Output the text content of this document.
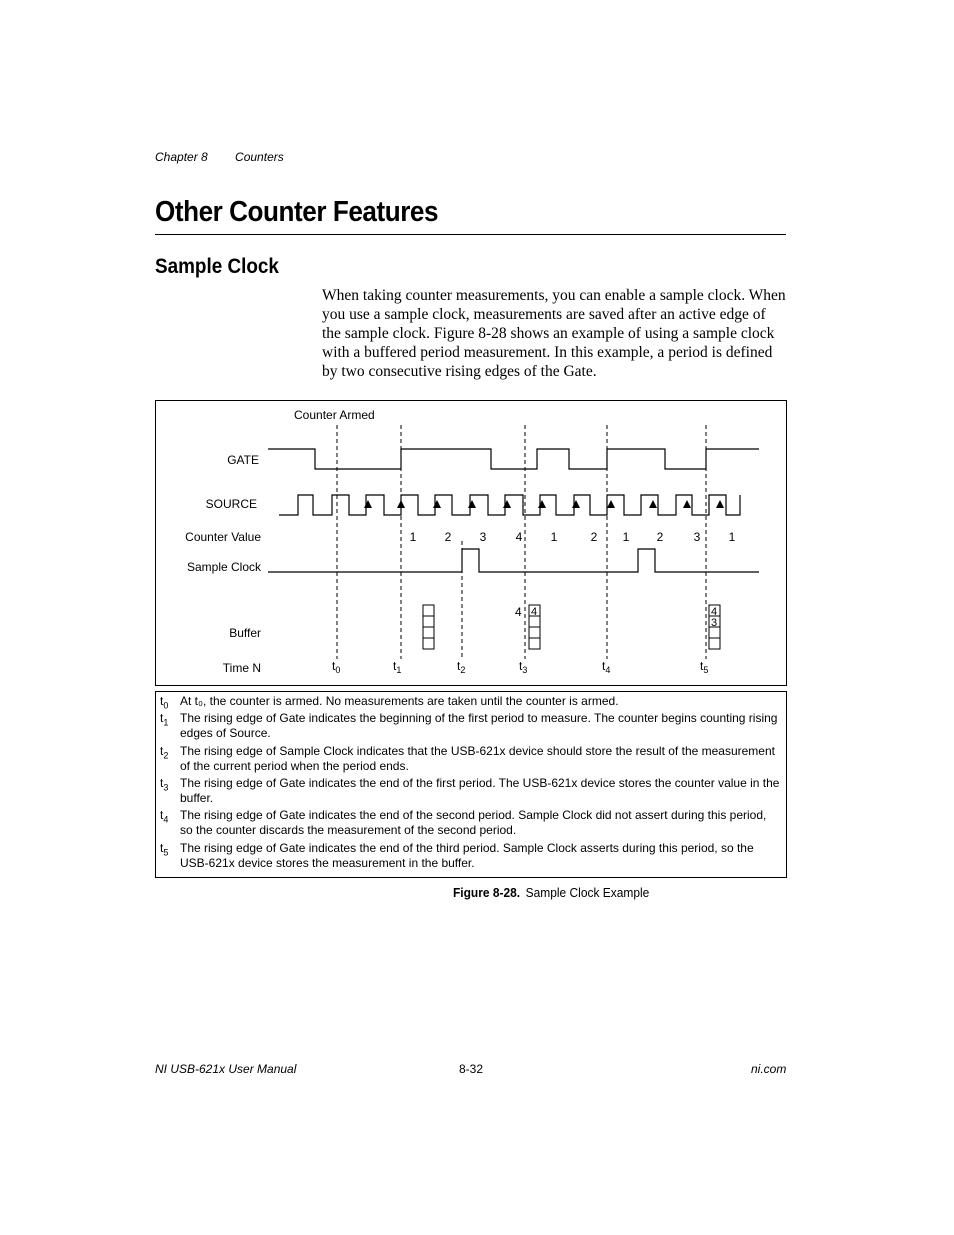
Chapter 8 Counters
Other Counter Features
Sample Clock

When taking counter measurements, you can enable a sample clock. When you use a sample clock, measurements are saved after an active edge of the sample clock. Figure 8-28 shows an example of using a sample clock with a buffered period measurement. In this example, a period is defined by two consecutive rising edges of the Gate.

Counter Armed
GATE
SOURCE
Counter Value
Sample Clock
Buffer
Time N
1 2 3 4 1	2 1 2	3 1
4 4	4
3
$t_0$	$t_1$	$t_2$	$t_3$	$t_4$	$t_5$
$t_0$ At t₀, the counter is armed. No measurements are taken until the counter is armed.
$t_1$ The rising edge of Gate indicates the beginning of the first period to measure. The counter begins counting rising edges of Source.
$t_2$ The rising edge of Sample Clock indicates that the USB-621x device should store the result of the measurement of the current period when the period ends.
$t_3$ The rising edge of Gate indicates the end of the first period. The USB-621x device stores the counter value in the buffer.
$t_4$ The rising edge of Gate indicates the end of the second period. Sample Clock did not assert during this period, so the counter discards the measurement of the second period.
$t_5$ The rising edge of Gate indicates the end of the third period. Sample Clock asserts during this period, so the USB-621x device stores the measurement in the buffer.
Figure 8-28. Sample Clock Example
NI USB-621x User Manual	8-32	ni.com
